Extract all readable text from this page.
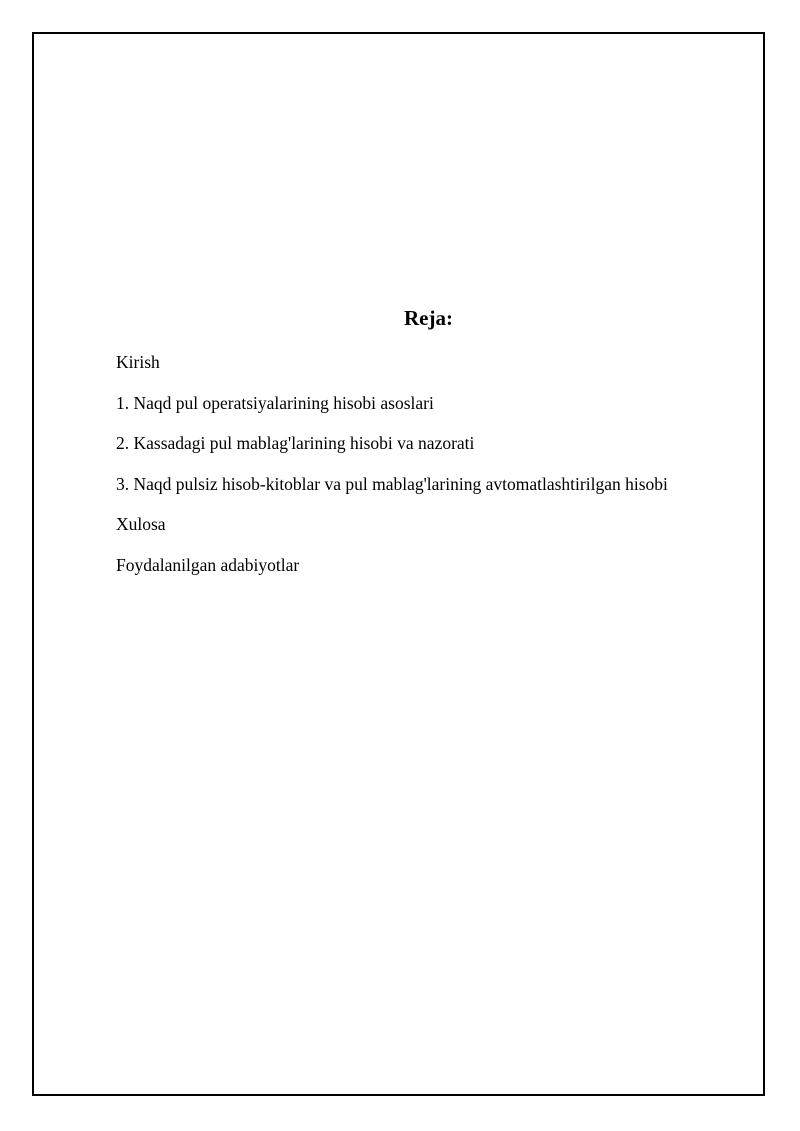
Reja:
Kirish
1. Naqd pul operatsiyalarining hisobi asoslari
2. Kassadagi pul mablag'larining hisobi va nazorati
3. Naqd pulsiz hisob-kitoblar va pul mablag'larining avtomatlashtirilgan hisobi
Xulosa
Foydalanilgan adabiyotlar
